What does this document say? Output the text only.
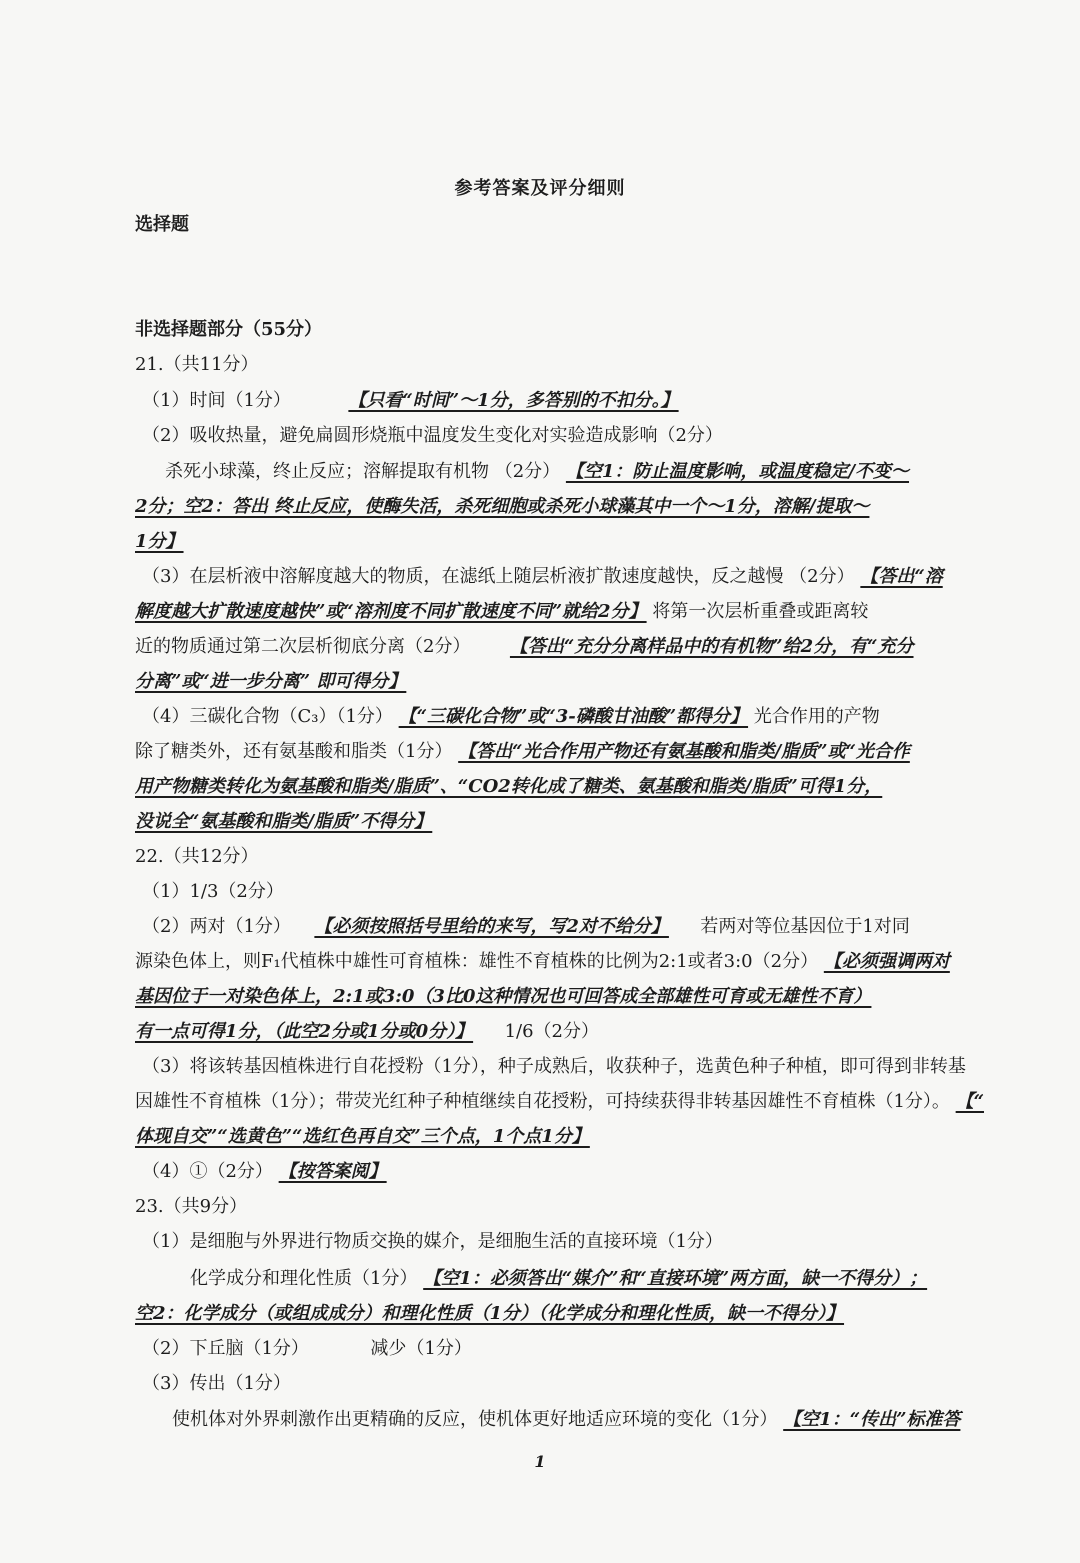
参考答案及评分细则
选择题
非选择题部分（55分）
21.（共11分）
（1）时间（1分）	【只看“时间”～1分，多答别的不扣分。】
（2）吸收热量，避免扁圆形烧瓶中温度发生变化对实验造成影响（2分）
杀死小球藻，终止反应；溶解提取有机物 （2分） 【空1：防止温度影响，或温度稳定/不变～
2分；空2：答出 终止反应，使酶失活，杀死细胞或杀死小球藻其中一个～1分，溶解/提取～
1分】
（3）在层析液中溶解度越大的物质，在滤纸上随层析液扩散速度越快，反之越慢 （2分） 【答出“溶
解度越大扩散速度越快”或“溶剂度不同扩散速度不同”就给2分】 将第一次层析重叠或距离较
近的物质通过第二次层析彻底分离（2分） 【答出“充分分离样品中的有机物”给2分，有“充分
分离”或“进一步分离” 即可得分】
（4）三碳化合物（C₃）（1分） 【“三碳化合物”或“3-磷酸甘油酸”都得分】 光合作用的产物
除了糖类外，还有氨基酸和脂类（1分） 【答出“光合作用产物还有氨基酸和脂类/脂质”或“光合作
用产物糖类转化为氨基酸和脂类/脂质”、“CO2转化成了糖类、氨基酸和脂类/脂质”可得1分，
没说全“氨基酸和脂类/脂质”不得分】
22.（共12分）
（1）1/3（2分）
（2）两对（1分） 【必须按照括号里给的来写，写2对不给分】  若两对等位基因位于1对同
源染色体上，则F₁代植株中雄性可育植株：雄性不育植株的比例为2:1或者3:0（2分） 【必须强调两对
基因位于一对染色体上，2:1或3:0（3比0这种情况也可回答成全部雄性可育或无雄性不育）
有一点可得1分，（此空2分或1分或0分）】  1/6（2分）
（3）将该转基因植株进行自花授粉（1分），种子成熟后，收获种子，选黄色种子种植，即可得到非转基
因雄性不育植株（1分）；带荧光红种子种植继续自花授粉，可持续获得非转基因雄性不育植株（1分）。 【“
体现自交”“选黄色”“选红色再自交”三个点，1个点1分】
（4）①（2分） 【按答案阅】
23.（共9分）
（1）是细胞与外界进行物质交换的媒介，是细胞生活的直接环境（1分）
化学成分和理化性质（1分） 【空1：必须答出“媒介”和“直接环境”两方面，缺一不得分）；
空2：化学成分（或组成成分）和理化性质（1分）（化学成分和理化性质，缺一不得分）】
（2）下丘脑（1分）	减少（1分）
（3）传出（1分）
使机体对外界刺激作出更精确的反应，使机体更好地适应环境的变化（1分） 【空1：“传出”标准答
1
